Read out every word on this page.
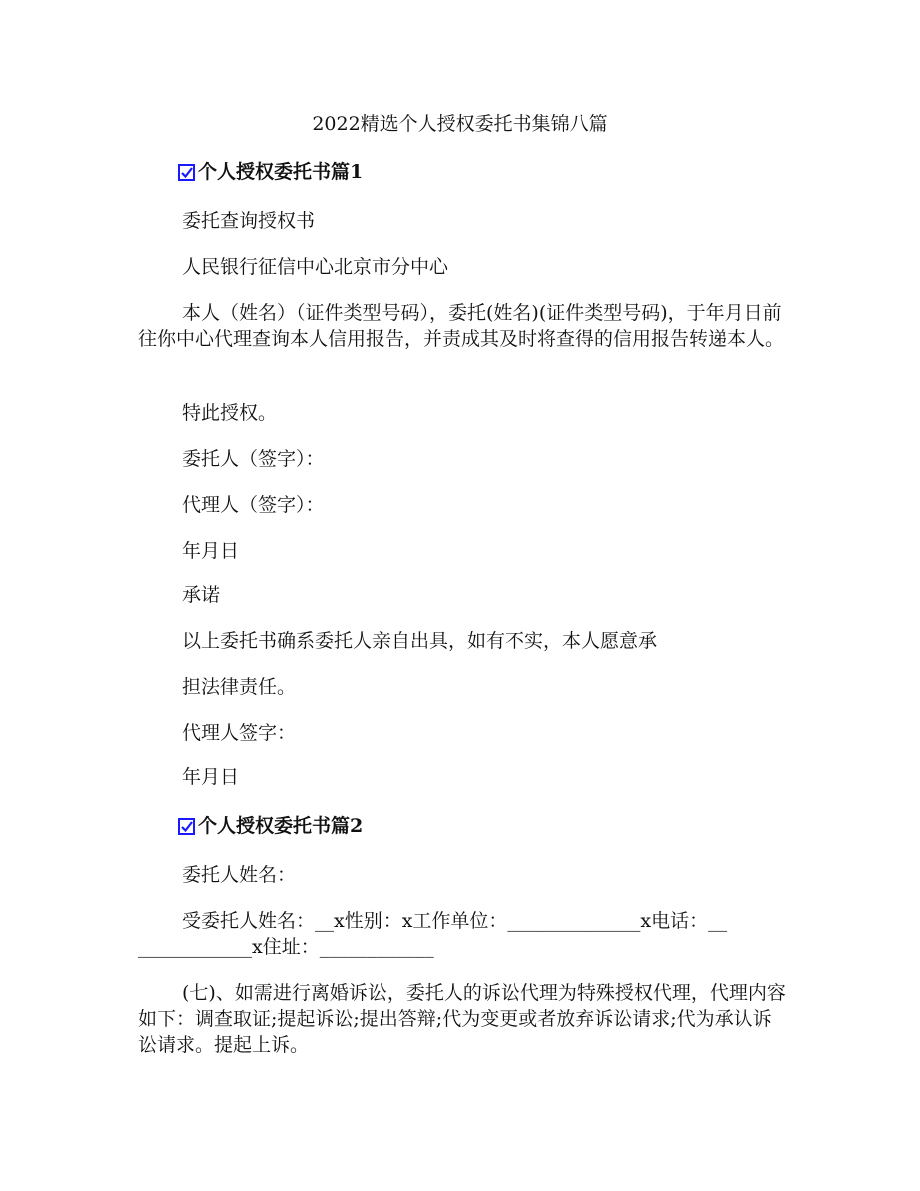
2022精选个人授权委托书集锦八篇
个人授权委托书篇1
委托查询授权书
人民银行征信中心北京市分中心
本人（姓名）（证件类型号码），委托(姓名)(证件类型号码)，于年月日前往你中心代理查询本人信用报告，并责成其及时将查得的信用报告转递本人。
特此授权。
委托人（签字）：
代理人（签字）：
年月日
承诺
以上委托书确系委托人亲自出具，如有不实，本人愿意承
担法律责任。
代理人签字：
年月日
个人授权委托书篇2
委托人姓名：
受委托人姓名：__x性别：x工作单位：______________x电话：__
____________x住址：____________
(七)、如需进行离婚诉讼，委托人的诉讼代理为特殊授权代理，代理内容如下：调查取证;提起诉讼;提出答辩;代为变更或者放弃诉讼请求;代为承认诉讼请求。提起上诉。
